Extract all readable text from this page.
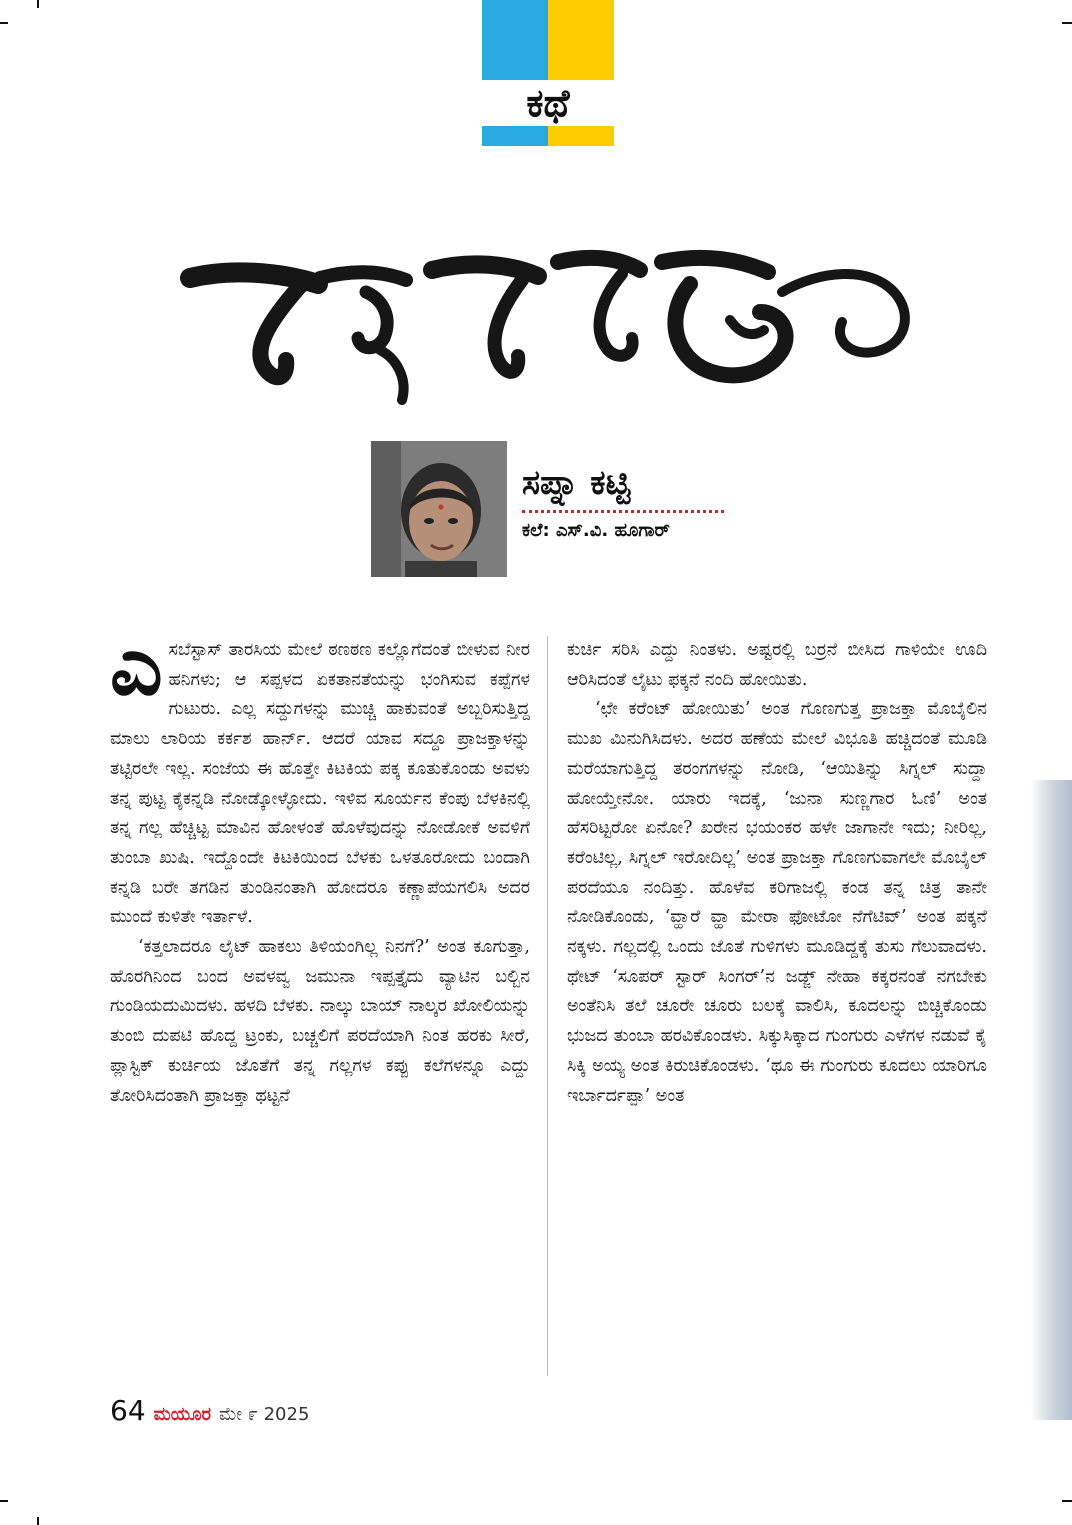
ಕಥೆ
ಸಪ್ನಾ ಕಟ್ಟಿ
ಕಲೆ: ಎಸ್.ವಿ. ಹೂಗಾರ್

ಎಸಬೆಸ್ಟಾಸ್ ತಾರಸಿಯ ಮೇಲೆ ಠಣಠಣ ಕಲ್ಲೊಗೆದಂತೆ ಬೀಳುವ ನೀರ ಹನಿಗಳು; ಆ ಸಪ್ಪಳದ ಏಕತಾನತೆಯನ್ನು ಭಂಗಿಸುವ ಕಪ್ಪೆಗಳ ಗುಟುರು. ಎಲ್ಲ ಸದ್ದುಗಳನ್ನು ಮುಚ್ಚಿ ಹಾಕುವಂತೆ ಅಬ್ಬರಿಸುತ್ತಿದ್ದ ಮಾಲು ಲಾರಿಯ ಕರ್ಕಶ ಹಾರ್ನ್. ಆದರೆ ಯಾವ ಸದ್ದೂ ಪ್ರಾಜಕ್ತಾಳನ್ನು ತಟ್ಟಿರಲೇ ಇಲ್ಲ. ಸಂಜೆಯ ಈ ಹೊತ್ತೇ ಕಿಟಕಿಯ ಪಕ್ಕ ಕೂತುಕೊಂಡು ಅವಳು ತನ್ನ ಪುಟ್ಟ ಕೈಕನ್ನಡಿ ನೋಡ್ಕೋಳ್ಳೋದು. ಇಳಿವ ಸೂರ್ಯನ ಕೆಂಪು ಬೆಳಕಿನಲ್ಲಿ ತನ್ನ ಗಲ್ಲ ಹೆಚ್ಚಿಟ್ಟ ಮಾವಿನ ಹೋಳಂತೆ ಹೊಳೆವುದನ್ನು ನೋಡೋಕೆ ಅವಳಿಗೆ ತುಂಬಾ ಖುಷಿ. ಇದ್ದೊಂದೇ ಕಿಟಕಿಯಿಂದ ಬೆಳಕು ಒಳತೂರೋದು ಬಂದಾಗಿ ಕನ್ನಡಿ ಬರೇ ತಗಡಿನ ತುಂಡಿನಂತಾಗಿ ಹೋದರೂ ಕಣ್ಣಾಪೆಯಗಲಿಸಿ ಅದರ ಮುಂದೆ ಕುಳಿತೇ ಇರ್ತಾಳೆ.

‘ಕತ್ತಲಾದರೂ ಲೈಟ್ ಹಾಕಲು ತಿಳಿಯಂಗಿಲ್ಲ ನಿನಗೆ?’ ಅಂತ ಕೂಗುತ್ತಾ, ಹೊರಗಿನಿಂದ ಬಂದ ಅವಳವ್ವ ಜಮುನಾ ಇಪ್ಪತ್ತೈದು ವ್ಯಾಟಿನ ಬಲ್ಬಿನ ಗುಂಡಿಯದುಮಿದಳು. ಹಳದಿ ಬೆಳಕು. ನಾಲ್ಕು ಬಾಯ್ ನಾಲ್ಕರ ಖೋಲಿಯನ್ನು ತುಂಬಿ ದುಪಟಿ ಹೊದ್ದ ಟ್ರಂಕು, ಬಚ್ಚಲಿಗೆ ಪರದೆಯಾಗಿ ನಿಂತ ಹರಕು ಸೀರೆ, ಪ್ಲಾಸ್ಟಿಕ್ ಕುರ್ಚಿಯ ಜೊತೆಗೆ ತನ್ನ ಗಲ್ಲಗಳ ಕಪ್ಪು ಕಲೆಗಳನ್ನೂ ಎದ್ದು ತೋರಿಸಿದಂತಾಗಿ ಪ್ರಾಜಕ್ತಾ ಥಟ್ಟನೆ

ಕುರ್ಚಿ ಸರಿಸಿ ಎದ್ದು ನಿಂತಳು. ಅಷ್ಟರಲ್ಲಿ ಬರ್ರನೆ ಬೀಸಿದ ಗಾಳಿಯೇ ಊದಿ ಆರಿಸಿದಂತೆ ಲೈಟು ಫಕ್ಕನೆ ನಂದಿ ಹೋಯಿತು.

‘ಛೇ ಕರೆಂಟ್ ಹೋಯಿತು’ ಅಂತ ಗೊಣಗುತ್ತ ಪ್ರಾಜಕ್ತಾ ಮೊಬೈಲಿನ ಮುಖ ಮಿನುಗಿಸಿದಳು. ಅದರ ಹಣೆಯ ಮೇಲೆ ವಿಭೂತಿ ಹಚ್ಚಿದಂತೆ ಮೂಡಿ ಮರೆಯಾಗುತ್ತಿದ್ದ ತರಂಗಗಳನ್ನು ನೋಡಿ, ‘ಆಯಿತಿನ್ನು ಸಿಗ್ನಲ್ ಸುದ್ದಾ ಹೋಯ್ತೇನೋ. ಯಾರು ಇದಕ್ಕೆ, ‘ಜುನಾ ಸುಣ್ಣಗಾರ ಓಣಿ’ ಅಂತ ಹೆಸರಿಟ್ಟರೋ ಏನೋ? ಖರೇನ ಭಯಂಕರ ಹಳೇ ಜಾಗಾನೇ ಇದು; ನೀರಿಲ್ಲ, ಕರೆಂಟಿಲ್ಲ, ಸಿಗ್ನಲ್ ಇರೋದಿಲ್ಲ’ ಅಂತ ಪ್ರಾಜಕ್ತಾ ಗೊಣಗುವಾಗಲೇ ಮೊಬೈಲ್ ಪರದೆಯೂ ನಂದಿತ್ತು. ಹೊಳೆವ ಕರಿಗಾಜಲ್ಲಿ ಕಂಡ ತನ್ನ ಚಿತ್ರ ತಾನೇ ನೋಡಿಕೊಂಡು, ‘ವ್ಹಾರೆ ವ್ಹಾ ಮೇರಾ ಫೋಟೋ ನೆಗೆಟಿವ್’ ಅಂತ ಪಕ್ಕನೆ ನಕ್ಕಳು. ಗಲ್ಲದಲ್ಲಿ ಒಂದು ಜೊತೆ ಗುಳಿಗಳು ಮೂಡಿದ್ದಕ್ಕೆ ತುಸು ಗೆಲುವಾದಳು. ಥೇಟ್ ‘ಸೂಪರ್ ಸ್ಟಾರ್ ಸಿಂಗರ್’ನ ಜಡ್ಜ್ ನೇಹಾ ಕಕ್ಕರನಂತೆ ನಗಬೇಕು ಅಂತೆನಿಸಿ ತಲೆ ಚೂರೇ ಚೂರು ಬಲಕ್ಕೆ ವಾಲಿಸಿ, ಕೂದಲನ್ನು ಬಿಚ್ಚಿಕೊಂಡು ಭುಜದ ತುಂಬಾ ಹರವಿಕೊಂಡಳು. ಸಿಕ್ಕುಸಿಕ್ಕಾದ ಗುಂಗುರು ಎಳೆಗಳ ನಡುವೆ ಕೈ ಸಿಕ್ಕಿ ಅಯ್ಯ ಅಂತ ಕಿರುಚಿಕೊಂಡಳು. ‘ಥೂ ಈ ಗುಂಗುರು ಕೂದಲು ಯಾರಿಗೂ ಇರ್ಬಾರ್ದಪ್ಪಾ’ ಅಂತ

64 ಮಯೂರ ಮೇ ೯ 2025
